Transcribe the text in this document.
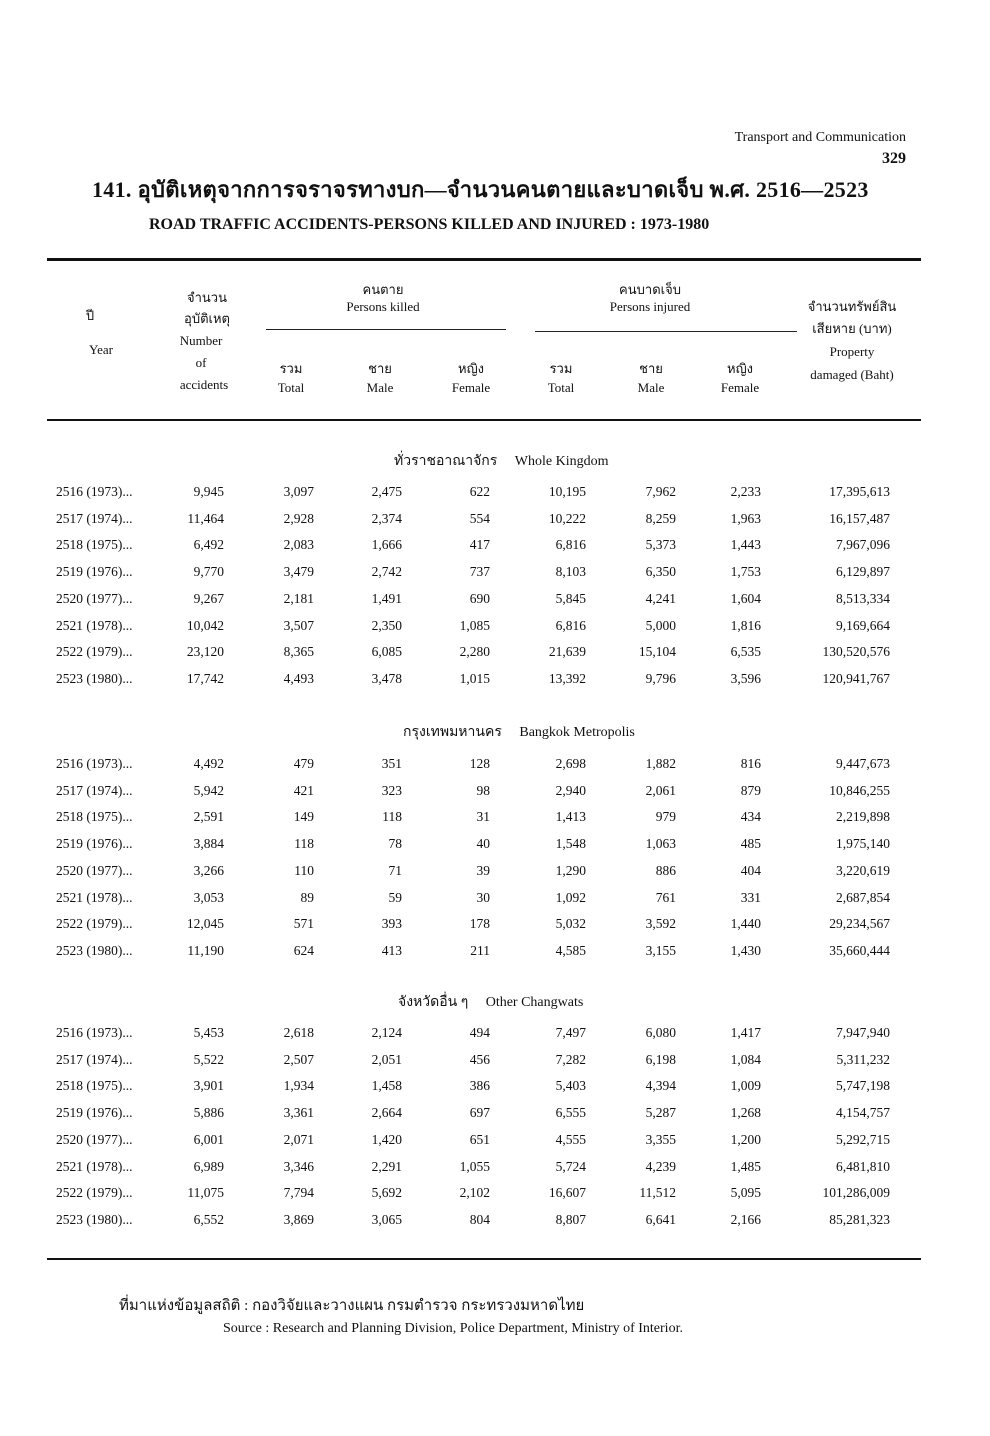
Transport and Communication
329
141. อุบัติเหตุจากการจราจรทางบก—จำนวนคนตายและบาดเจ็บ พ.ศ. 2516—2523
ROAD TRAFFIC ACCIDENTS-PERSONS KILLED AND INJURED : 1973-1980
ปี
Year
จำนวน
อุบัติเหตุ
Number
of
accidents
คนตาย
Persons killed
คนบาดเจ็บ
Persons injured	จำนวนทรัพย์สิน
เสียหาย (บาท)
Property
damaged (Baht)
รวม
Total
ชาย
Male
หญิง
Female
รวม
Total
ชาย
Male
หญิง
Female
ทั่วราชอาณาจักร Whole Kingdom
กรุงเทพมหานคร Bangkok Metropolis
จังหวัดอื่น ๆ Other Changwats
2516 (1973)...	9,945	3,097	2,475	622	10,195	7,962	2,233	17,395,613
2517 (1974)...	11,464	2,928	2,374	554	10,222	8,259	1,963	16,157,487
2518 (1975)...	6,492	2,083	1,666	417	6,816	5,373	1,443	7,967,096
2519 (1976)...	9,770	3,479	2,742	737	8,103	6,350	1,753	6,129,897
2520 (1977)...	9,267	2,181	1,491	690	5,845	4,241	1,604	8,513,334
2521 (1978)...	10,042	3,507	2,350	1,085	6,816	5,000	1,816	9,169,664
2522 (1979)...	23,120	8,365	6,085	2,280	21,639	15,104	6,535	130,520,576
2523 (1980)...	17,742	4,493	3,478	1,015	13,392	9,796	3,596	120,941,767
2516 (1973)...	4,492	479	351	128	2,698	1,882	816	9,447,673
2517 (1974)...	5,942	421	323	98	2,940	2,061	879	10,846,255
2518 (1975)...	2,591	149	118	31	1,413	979	434	2,219,898
2519 (1976)...	3,884	118	78	40	1,548	1,063	485	1,975,140
2520 (1977)...	3,266	110	71	39	1,290	886	404	3,220,619
2521 (1978)...	3,053	89	59	30	1,092	761	331	2,687,854
2522 (1979)...	12,045	571	393	178	5,032	3,592	1,440	29,234,567
2523 (1980)...	11,190	624	413	211	4,585	3,155	1,430	35,660,444
2516 (1973)...	5,453	2,618	2,124	494	7,497	6,080	1,417	7,947,940
2517 (1974)...	5,522	2,507	2,051	456	7,282	6,198	1,084	5,311,232
2518 (1975)...	3,901	1,934	1,458	386	5,403	4,394	1,009	5,747,198
2519 (1976)...	5,886	3,361	2,664	697	6,555	5,287	1,268	4,154,757
2520 (1977)...	6,001	2,071	1,420	651	4,555	3,355	1,200	5,292,715
2521 (1978)...	6,989	3,346	2,291	1,055	5,724	4,239	1,485	6,481,810
2522 (1979)...	11,075	7,794	5,692	2,102	16,607	11,512	5,095	101,286,009
2523 (1980)...	6,552	3,869	3,065	804	8,807	6,641	2,166	85,281,323
ที่มาแห่งข้อมูลสถิติ : กองวิจัยและวางแผน กรมตำรวจ กระทรวงมหาดไทย
Source : Research and Planning Division, Police Department, Ministry of Interior.
